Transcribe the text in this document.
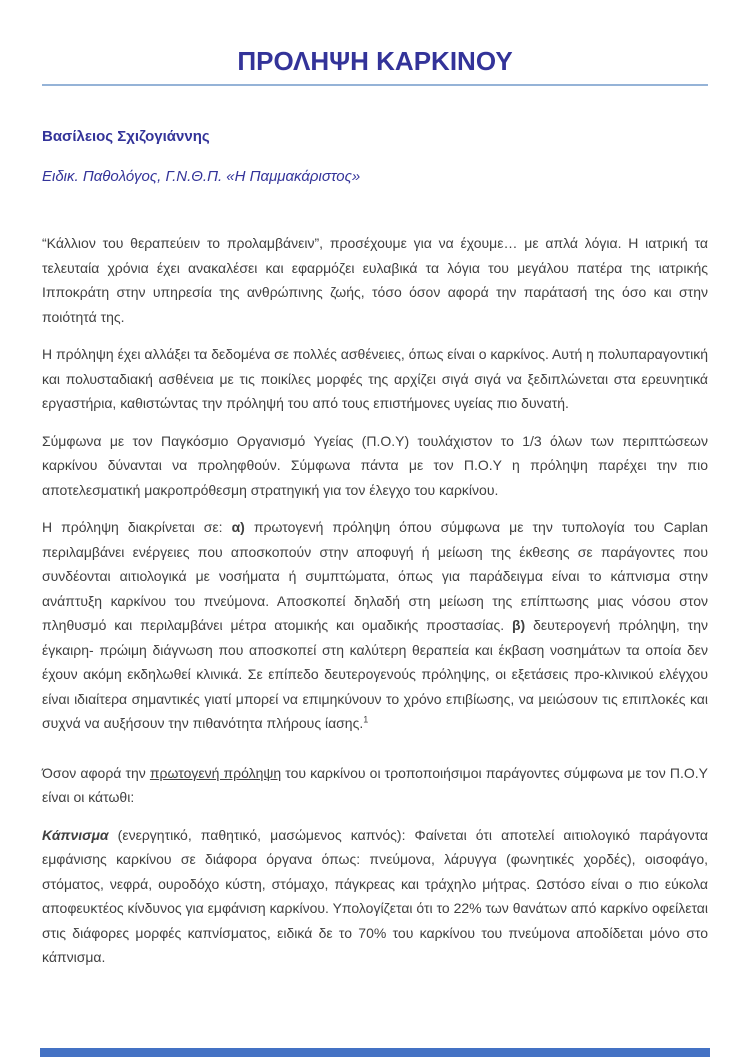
ΠΡΟΛΗΨΗ ΚΑΡΚΙΝΟΥ

Βασίλειος Σχιζογιάννης

Ειδικ. Παθολόγος, Γ.Ν.Θ.Π. «Η Παμμακάριστος»

“Κάλλιον του θεραπεύειν το προλαμβάνειν”, προσέχουμε για να έχουμε… με απλά λόγια. Η ιατρική τα τελευταία χρόνια έχει ανακαλέσει και εφαρμόζει ευλαβικά τα λόγια του μεγάλου πατέρα της ιατρικής Ιπποκράτη στην υπηρεσία της ανθρώπινης ζωής, τόσο όσον αφορά την παράτασή της όσο και στην ποιότητά της.

Η πρόληψη έχει αλλάξει τα δεδομένα σε πολλές ασθένειες, όπως είναι ο καρκίνος. Αυτή η πολυπαραγοντική και πολυσταδιακή ασθένεια με τις ποικίλες μορφές της αρχίζει σιγά σιγά να ξεδιπλώνεται στα ερευνητικά εργαστήρια, καθιστώντας την πρόληψή του από τους επιστήμονες υγείας πιο δυνατή.

Σύμφωνα με τον Παγκόσμιο Οργανισμό Υγείας (Π.Ο.Υ) τουλάχιστον το 1/3 όλων των περιπτώσεων καρκίνου δύνανται να προληφθούν. Σύμφωνα πάντα με τον Π.Ο.Υ η πρόληψη παρέχει την πιο αποτελεσματική μακροπρόθεσμη στρατηγική για τον έλεγχο του καρκίνου.

Η πρόληψη διακρίνεται σε: α) πρωτογενή πρόληψη όπου σύμφωνα με την τυπολογία του Caplan περιλαμβάνει ενέργειες που αποσκοπούν στην αποφυγή ή μείωση της έκθεσης σε παράγοντες που συνδέονται αιτιολογικά με νοσήματα ή συμπτώματα, όπως για παράδειγμα είναι το κάπνισμα στην ανάπτυξη καρκίνου του πνεύμονα. Αποσκοπεί δηλαδή στη μείωση της επίπτωσης μιας νόσου στον πληθυσμό και περιλαμβάνει μέτρα ατομικής και ομαδικής προστασίας. β) δευτερογενή πρόληψη, την έγκαιρη- πρώιμη διάγνωση που αποσκοπεί στη καλύτερη θεραπεία και έκβαση νοσημάτων τα οποία δεν έχουν ακόμη εκδηλωθεί κλινικά. Σε επίπεδο δευτερογενούς πρόληψης, οι εξετάσεις προ-κλινικού ελέγχου είναι ιδιαίτερα σημαντικές γιατί μπορεί να επιμηκύνουν το χρόνο επιβίωσης, να μειώσουν τις επιπλοκές και συχνά να αυξήσουν την πιθανότητα πλήρους ίασης.$^1$

Όσον αφορά την πρωτογενή πρόληψη του καρκίνου οι τροποποιήσιμοι παράγοντες σύμφωνα με τον Π.Ο.Υ είναι οι κάτωθι:

Κάπνισμα (ενεργητικό, παθητικό, μασώμενος καπνός): Φαίνεται ότι αποτελεί αιτιολογικό παράγοντα εμφάνισης καρκίνου σε διάφορα όργανα όπως: πνεύμονα, λάρυγγα (φωνητικές χορδές), οισοφάγο, στόματος, νεφρά, ουροδόχο κύστη, στόμαχο, πάγκρεας και τράχηλο μήτρας. Ωστόσο είναι ο πιο εύκολα αποφευκτέος κίνδυνος για εμφάνιση καρκίνου. Υπολογίζεται ότι το 22% των θανάτων από καρκίνο οφείλεται στις διάφορες μορφές καπνίσματος, ειδικά δε το 70% του καρκίνου του πνεύμονα αποδίδεται μόνο στο κάπνισμα.
